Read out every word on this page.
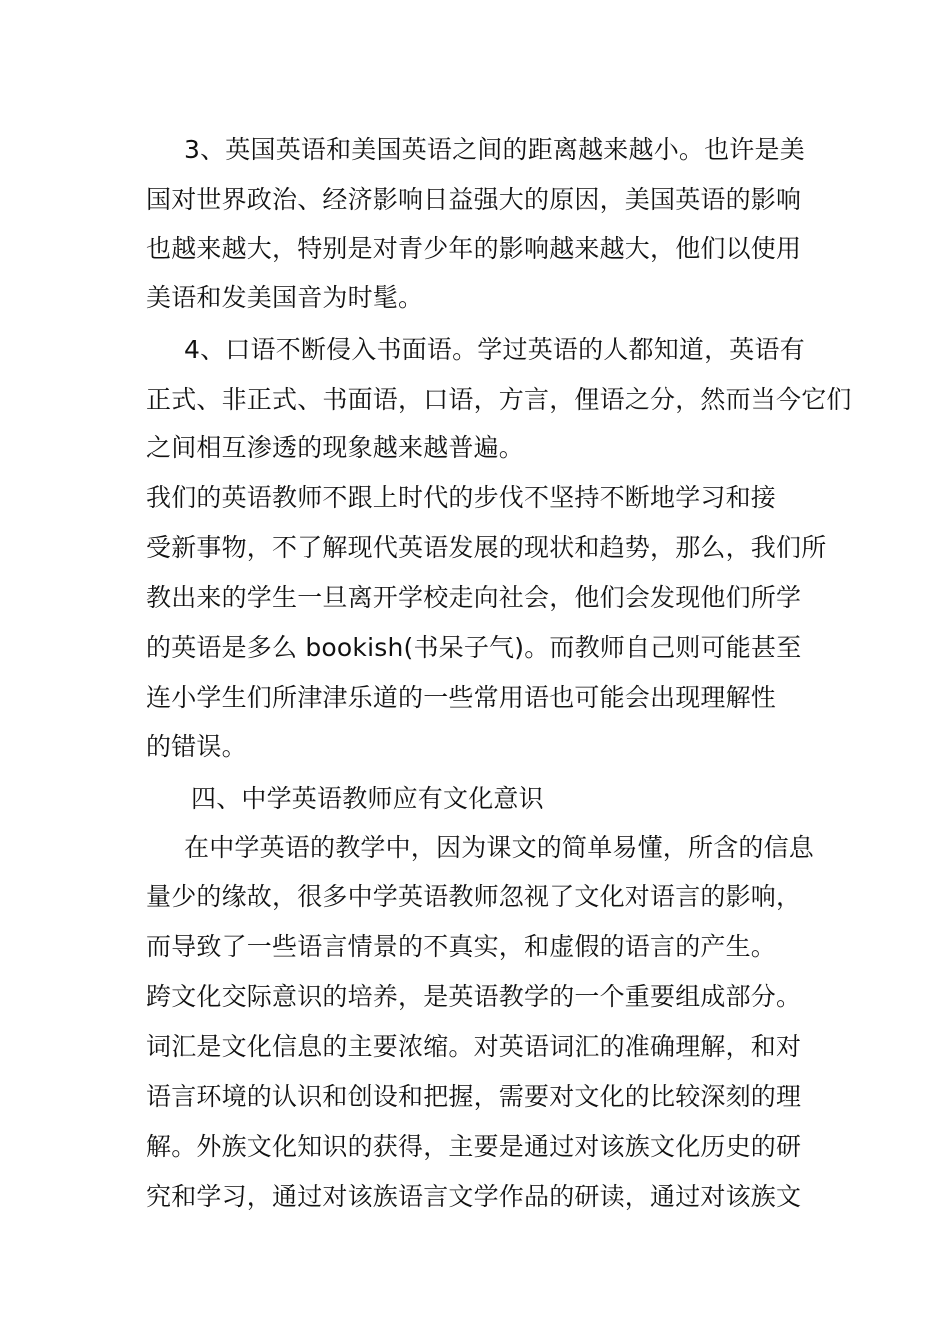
3、英国英语和美国英语之间的距离越来越小。也许是美
国对世界政治、经济影响日益强大的原因，美国英语的影响
也越来越大，特别是对青少年的影响越来越大，他们以使用
美语和发美国音为时髦。
4、口语不断侵入书面语。学过英语的人都知道，英语有
正式、非正式、书面语，口语，方言，俚语之分，然而当今它们
之间相互渗透的现象越来越普遍。
我们的英语教师不跟上时代的步伐不坚持不断地学习和接
受新事物，不了解现代英语发展的现状和趋势，那么，我们所
教出来的学生一旦离开学校走向社会，他们会发现他们所学
的英语是多么 bookish(书呆子气)。而教师自己则可能甚至
连小学生们所津津乐道的一些常用语也可能会出现理解性
的错误。
四、中学英语教师应有文化意识
在中学英语的教学中，因为课文的简单易懂，所含的信息
量少的缘故，很多中学英语教师忽视了文化对语言的影响，
而导致了一些语言情景的不真实，和虚假的语言的产生。
跨文化交际意识的培养，是英语教学的一个重要组成部分。
词汇是文化信息的主要浓缩。对英语词汇的准确理解，和对
语言环境的认识和创设和把握，需要对文化的比较深刻的理
解。外族文化知识的获得，主要是通过对该族文化历史的研
究和学习，通过对该族语言文学作品的研读，通过对该族文
